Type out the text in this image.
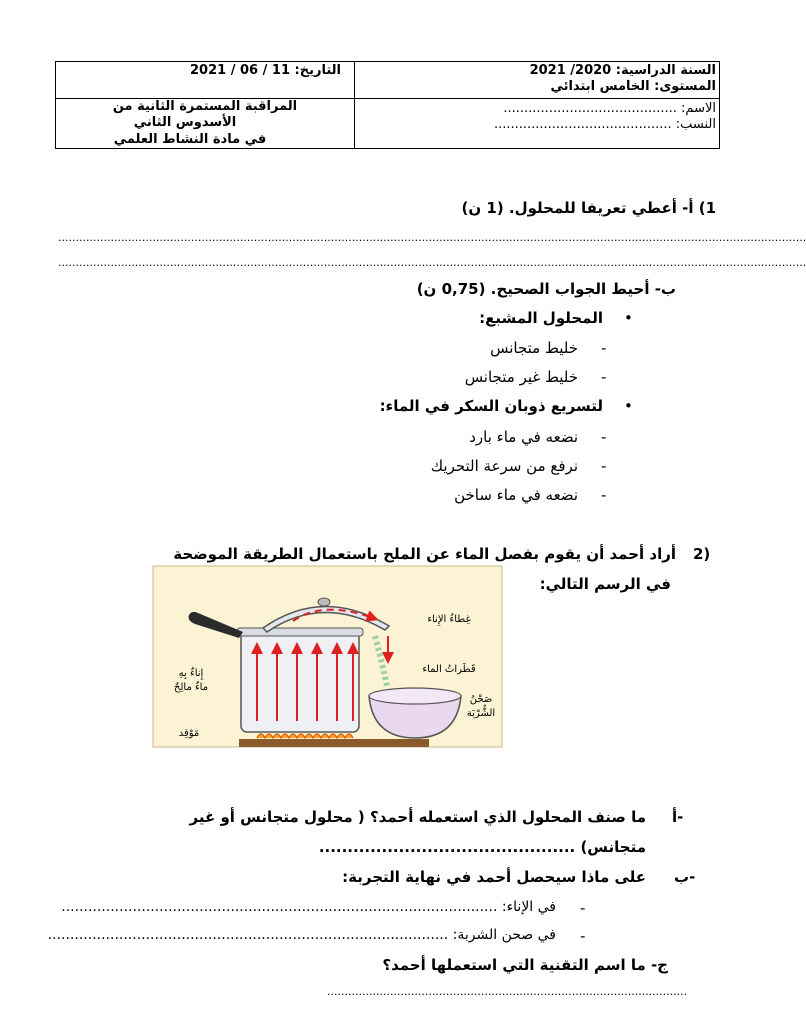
السنة الدراسية: 2020/ 2021
المستوى: الخامس ابتدائي
التاريخ: 11 / 06 / 2021
الاسم: ..........................................
النسب: ...........................................
المراقبة المستمرة الثانية من
الأسدوس الثاني
في مادة النشاط العلمي
1) أ- أعطي تعريفا للمحلول. (1 ن)
......................................................................................................................................................................................................................
......................................................................................................................................................................................................................
ب- أحيط الجواب الصحيح. (0,75 ن)
•
المحلول المشبع:
-
خليط متجانس
-
خليط غير متجانس
•
لتسريع ذوبان السكر في الماء:
-
نضعه في ماء بارد
-
نرفع من سرعة التحريك
-
نضعه في ماء ساخن
2)
أراد أحمد أن يقوم بفصل الماء عن الملح باستعمال الطريقة الموضحة
في الرسم التالي:
غِطاءُ الإِناء
قَطَراتُ الماء
صَحْنُ
الشُّرْبَة
إِناءٌ بِهِ
ماءٌ مالِحٌ
مَوْقِد
أ-
ما صنف المحلول الذي استعمله أحمد؟ ( محلول متجانس أو غير
متجانس) .............................................
ب-
على ماذا سيحصل أحمد في نهاية التجربة:
-
في الإناء: ..................................................................................................
-
في صحن الشربة: ..........................................................................................
ج- ما اسم التقنية التي استعملها أحمد؟
.......................................................................................................
